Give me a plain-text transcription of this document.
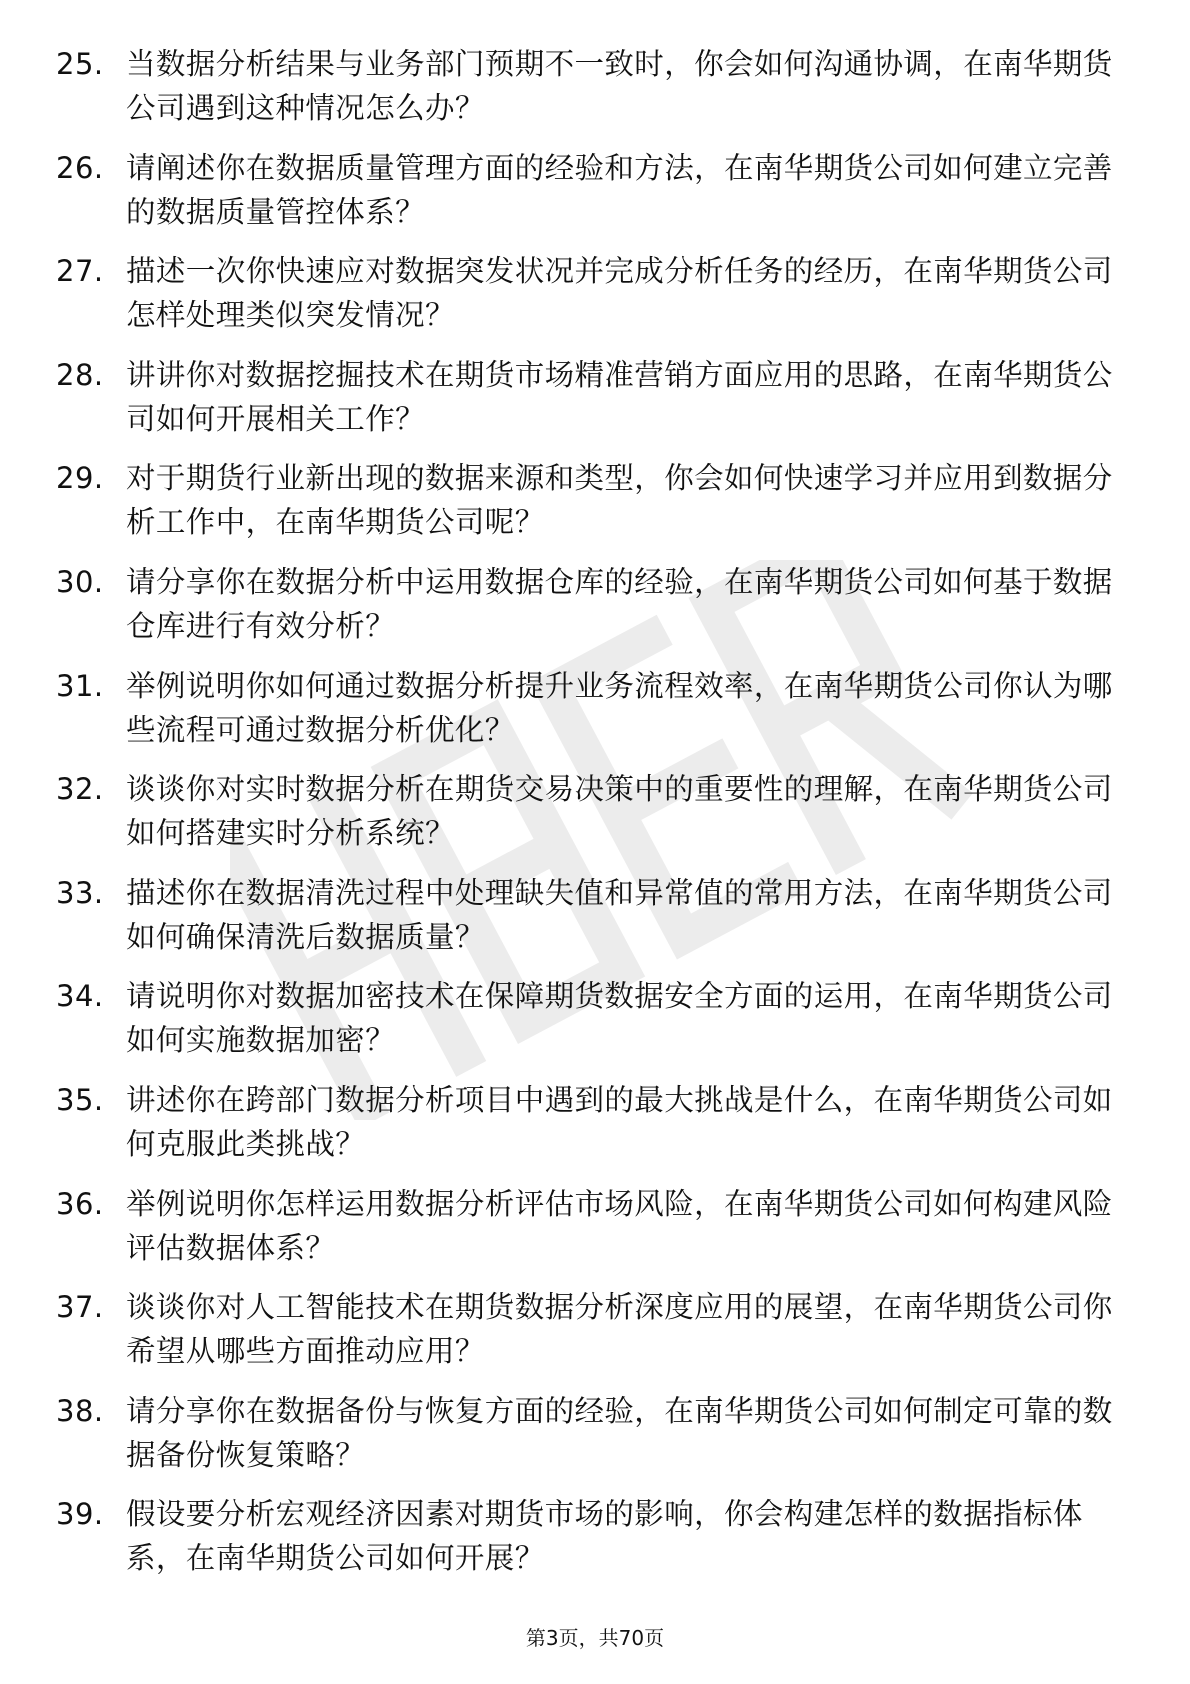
25. 当数据分析结果与业务部门预期不一致时，你会如何沟通协调，在南华期货公司遇到这种情况怎么办？

26. 请阐述你在数据质量管理方面的经验和方法，在南华期货公司如何建立完善的数据质量管控体系？

27. 描述一次你快速应对数据突发状况并完成分析任务的经历，在南华期货公司怎样处理类似突发情况？

28. 讲讲你对数据挖掘技术在期货市场精准营销方面应用的思路，在南华期货公司如何开展相关工作？

29. 对于期货行业新出现的数据来源和类型，你会如何快速学习并应用到数据分析工作中，在南华期货公司呢？

30. 请分享你在数据分析中运用数据仓库的经验，在南华期货公司如何基于数据仓库进行有效分析？

31. 举例说明你如何通过数据分析提升业务流程效率，在南华期货公司你认为哪些流程可通过数据分析优化？

32. 谈谈你对实时数据分析在期货交易决策中的重要性的理解，在南华期货公司如何搭建实时分析系统？

33. 描述你在数据清洗过程中处理缺失值和异常值的常用方法，在南华期货公司如何确保清洗后数据质量？

34. 请说明你对数据加密技术在保障期货数据安全方面的运用，在南华期货公司如何实施数据加密？

35. 讲述你在跨部门数据分析项目中遇到的最大挑战是什么，在南华期货公司如何克服此类挑战？

36. 举例说明你怎样运用数据分析评估市场风险，在南华期货公司如何构建风险评估数据体系？

37. 谈谈你对人工智能技术在期货数据分析深度应用的展望，在南华期货公司你希望从哪些方面推动应用？

38. 请分享你在数据备份与恢复方面的经验，在南华期货公司如何制定可靠的数据备份恢复策略？

39. 假设要分析宏观经济因素对期货市场的影响，你会构建怎样的数据指标体系，在南华期货公司如何开展？

第3页，共70页
